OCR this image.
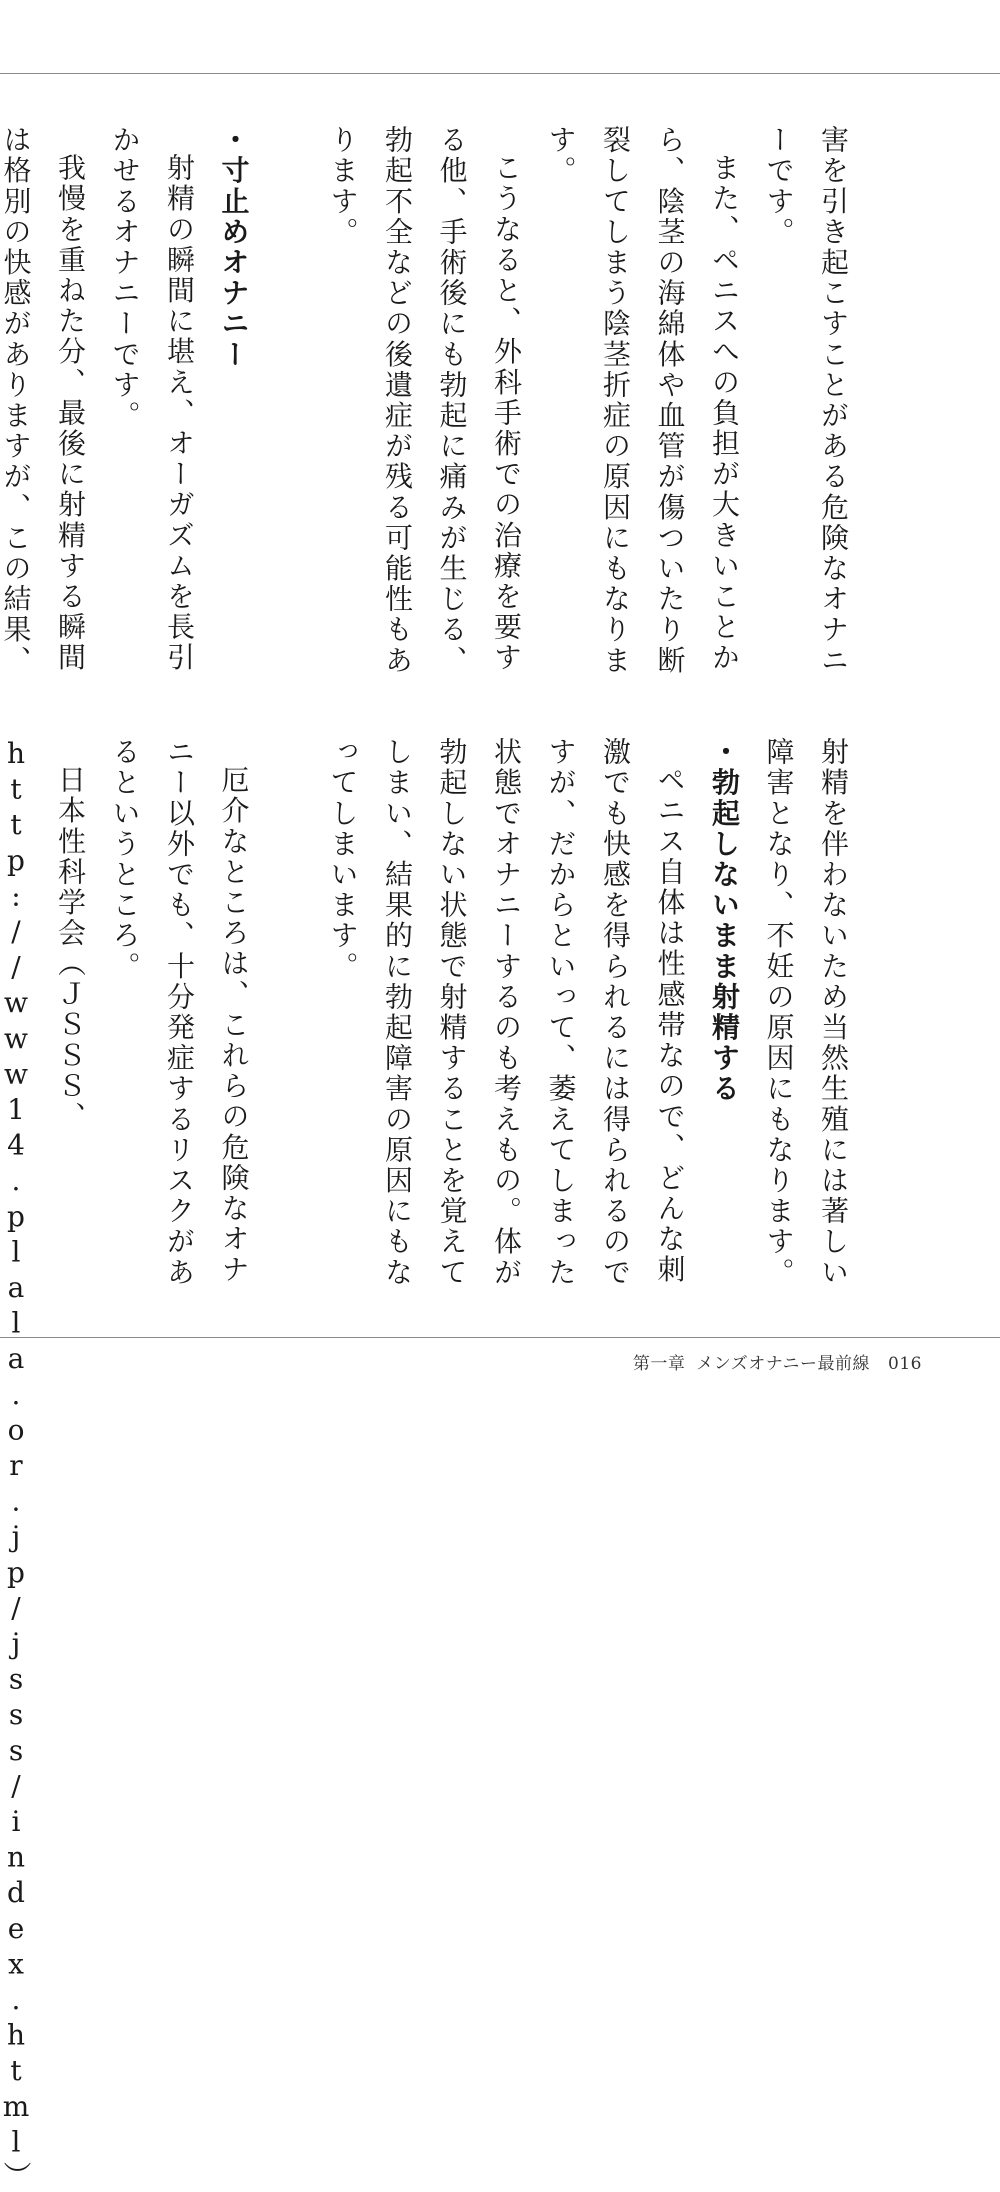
害を引き起こすことがある危険なオナニーです。

また、ペニスへの負担が大きいことから、陰茎の海綿体や血管が傷ついたり断裂してしまう陰茎折症の原因にもなります。

こうなると、外科手術での治療を要する他、手術後にも勃起に痛みが生じる、勃起不全などの後遺症が残る可能性もあります。

・寸止めオナニー

射精の瞬間に堪え、オーガズムを長引かせるオナニーです。

我慢を重ねた分、最後に射精する瞬間は格別の快感がありますが、この結果、

射精を伴わないため当然生殖には著しい障害となり、不妊の原因にもなります。

・勃起しないまま射精する

ペニス自体は性感帯なので、どんな刺激でも快感を得られるには得られるのですが、だからといって、萎えてしまった状態でオナニーするのも考えもの。体が勃起しない状態で射精することを覚えてしまい、結果的に勃起障害の原因にもなってしまいます。

厄介なところは、これらの危険なオナニー以外でも、十分発症するリスクがあるというところ。

日本性科学会（ＪＳＳＳ、http://www14.plala.or.jp/jsss/index.html）

第一章 メンズオナニー最前線 016
